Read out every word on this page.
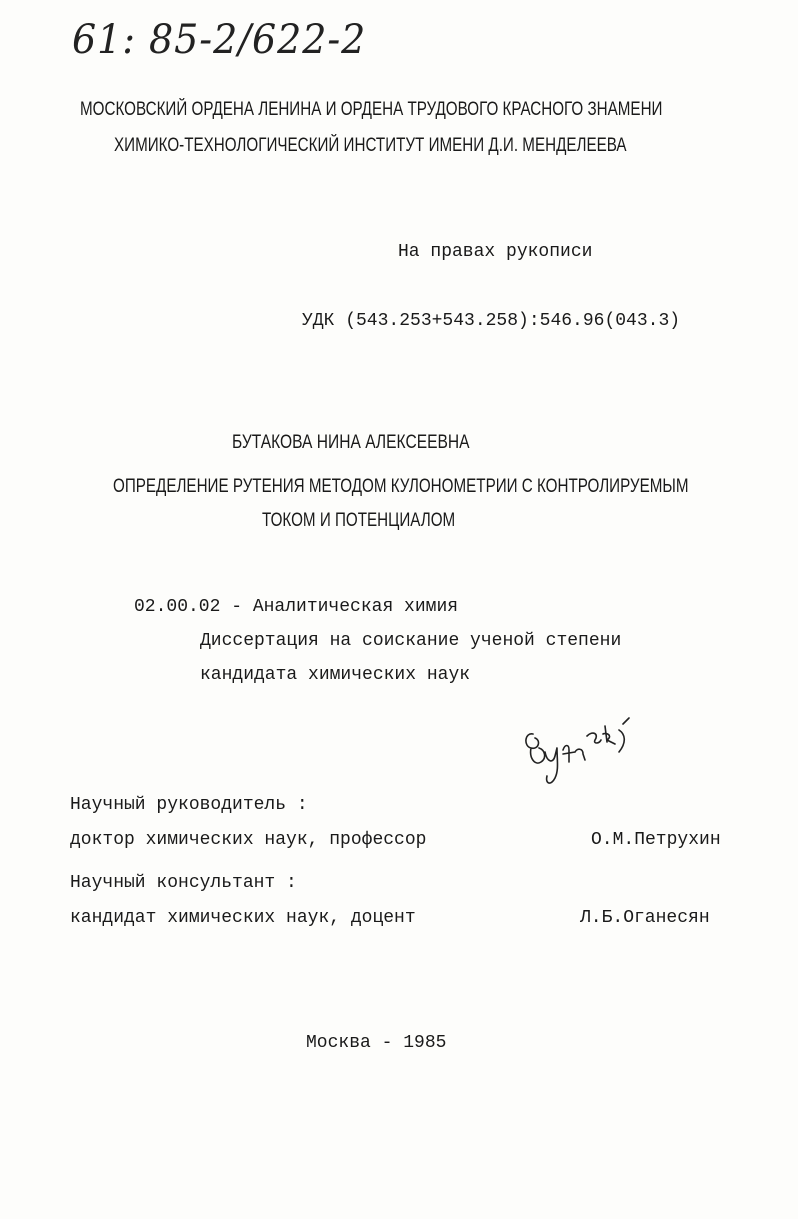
61: 85-2/622-2

МОСКОВСКИЙ ОРДЕНА ЛЕНИНА И ОРДЕНА ТРУДОВОГО КРАСНОГО ЗНАМЕНИ

ХИМИКО-ТЕХНОЛОГИЧЕСКИЙ ИНСТИТУТ ИМЕНИ Д.И. МЕНДЕЛЕЕВА

На правах рукописи

УДК (543.253+543.258):546.96(043.3)

БУТАКОВА НИНА АЛЕКСЕЕВНА

ОПРЕДЕЛЕНИЕ РУТЕНИЯ МЕТОДОМ КУЛОНОМЕТРИИ С КОНТРОЛИРУЕМЫМ

ТОКОМ И ПОТЕНЦИАЛОМ

02.00.02 - Аналитическая химия

Диссертация на соискание ученой степени

кандидата химических наук

Научный руководитель :

доктор химических наук, профессор	О.М.Петрухин

Научный консультант :

кандидат химических наук, доцент	Л.Б.Оганесян

Москва - 1985
